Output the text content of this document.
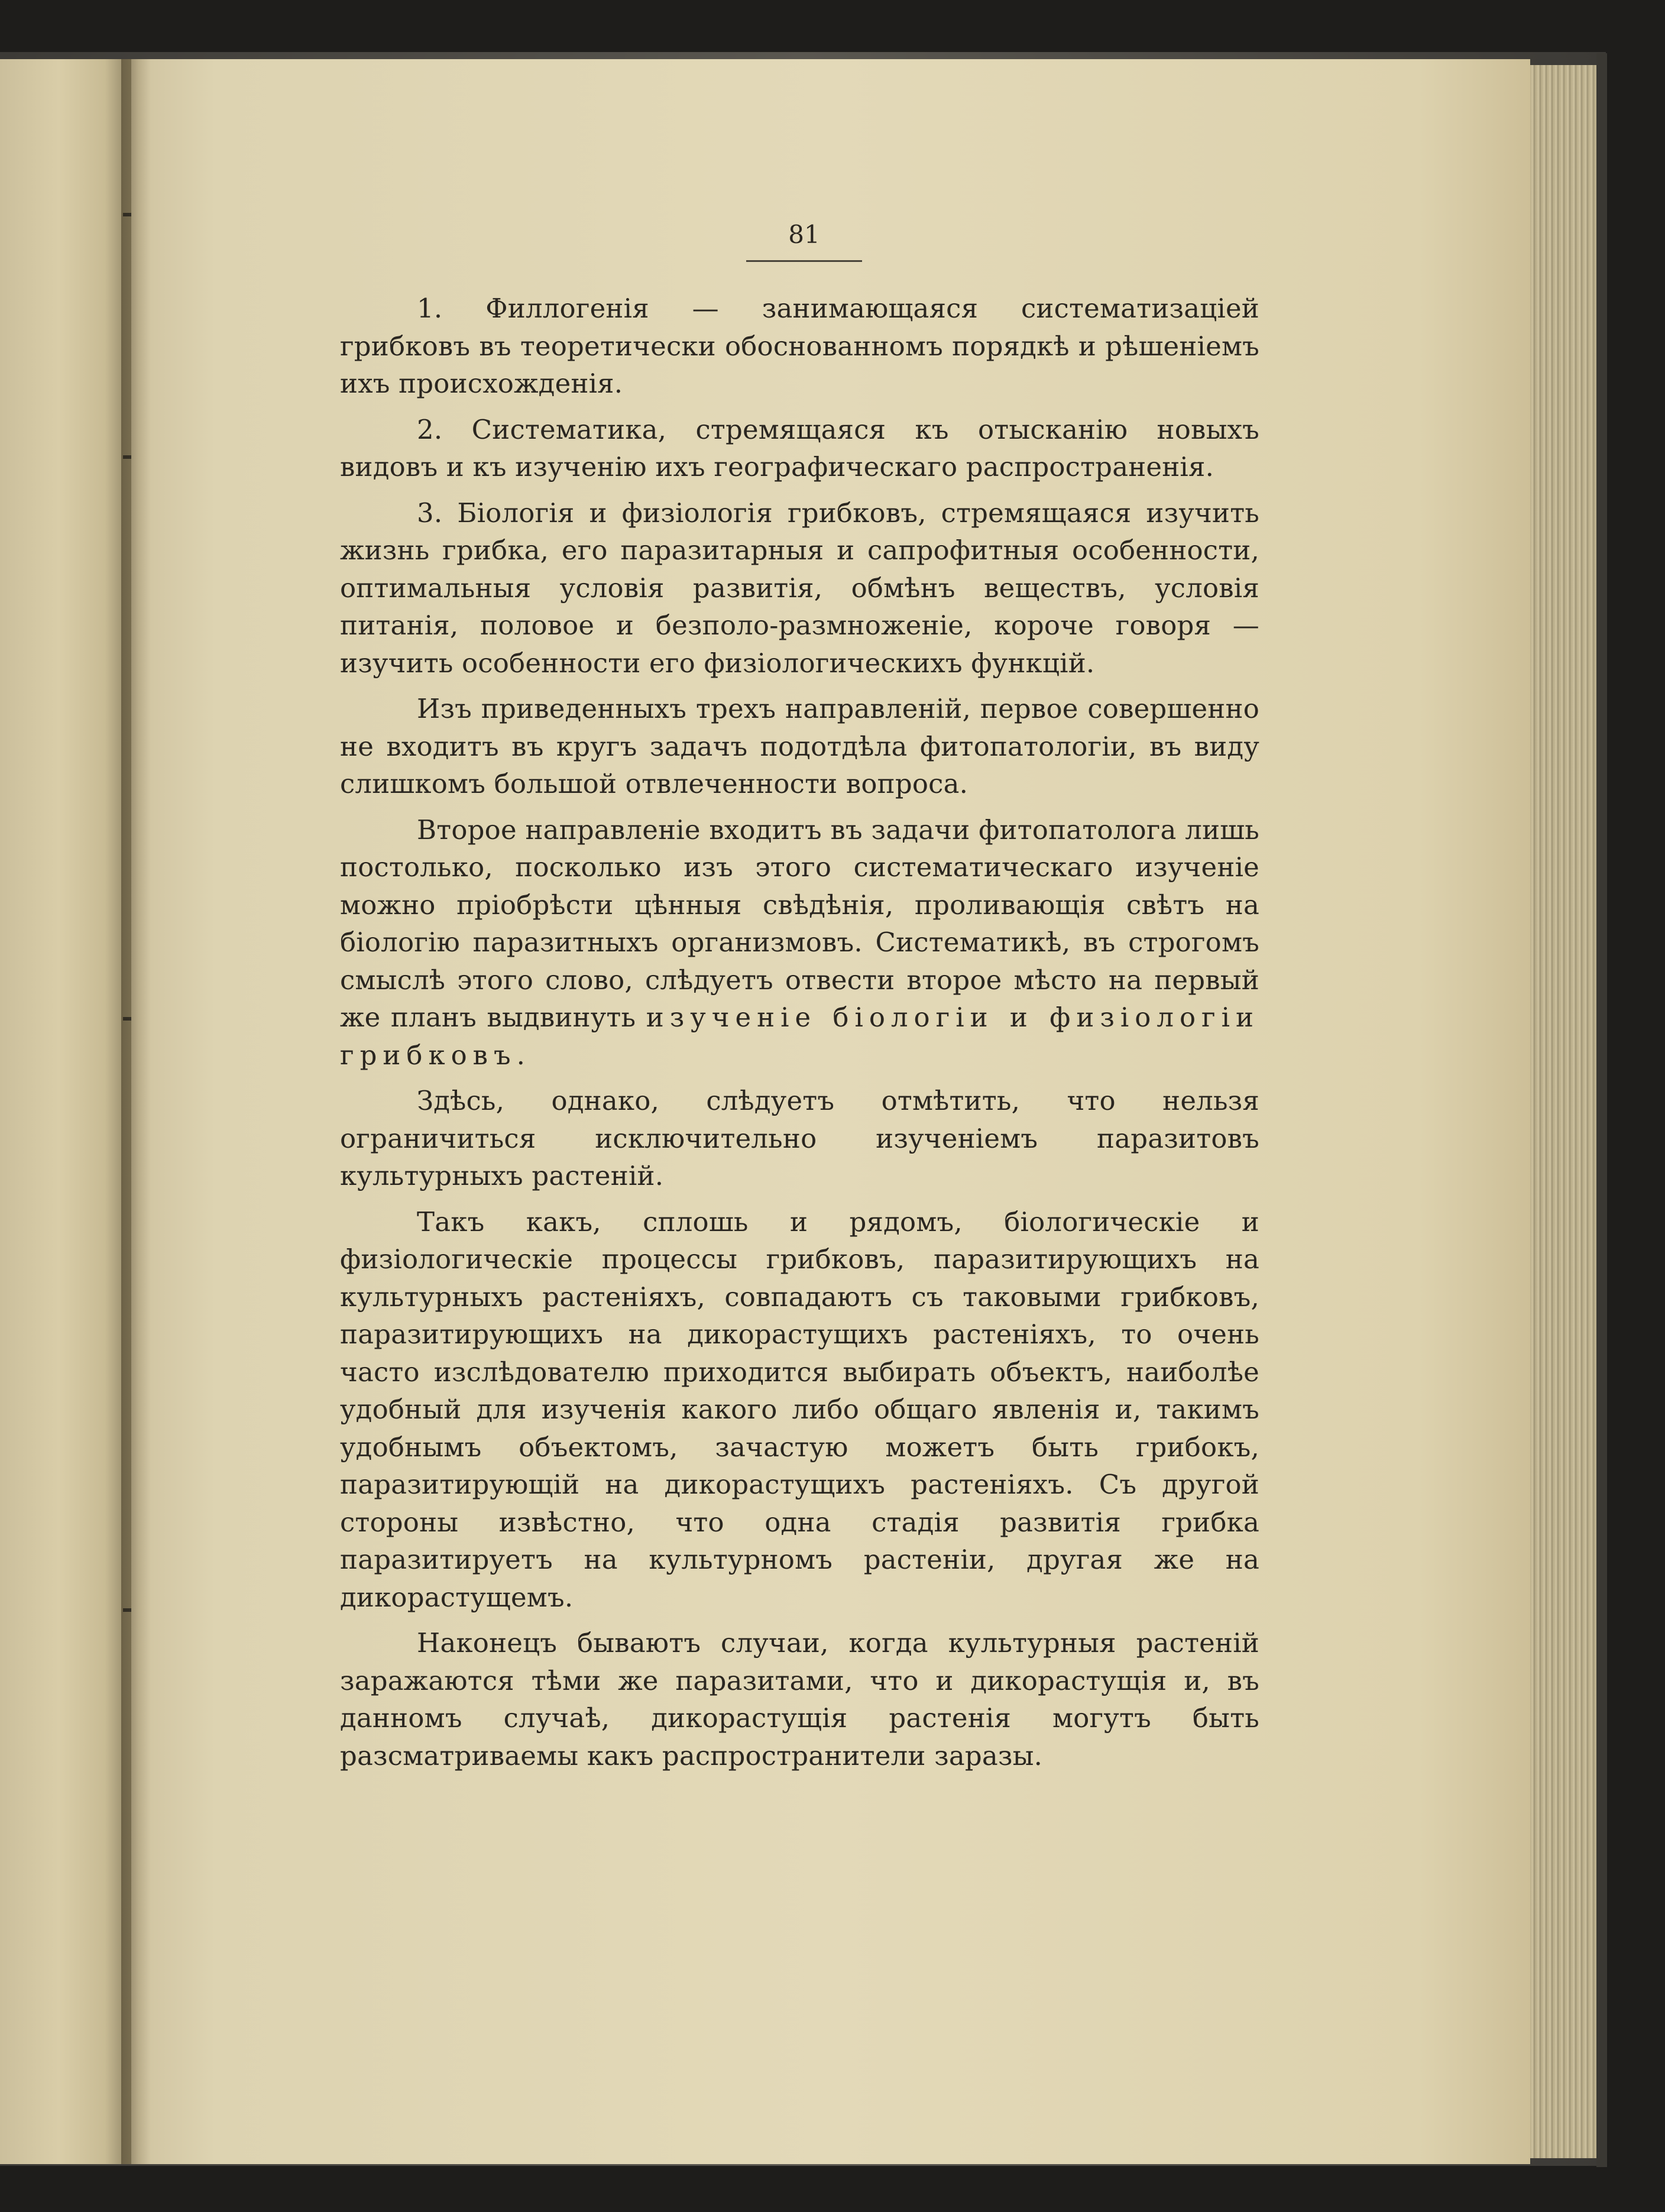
81

1. Филлогенія — занимающаяся систематизаціей грибковъ въ теоретически обоснованномъ порядкѣ и рѣшеніемъ ихъ происхожденія.

2. Систематика, стремящаяся къ отысканію новыхъ видовъ и къ изученію ихъ географическаго распространенія.

3. Біологія и физіологія грибковъ, стремящаяся изучить жизнь грибка, его паразитарныя и сапрофитныя особенности, оптимальныя условія развитія, обмѣнъ веществъ, условія питанія, половое и безполо-размноженіе, короче говоря — изучить особенности его физіологическихъ функцій.

Изъ приведенныхъ трехъ направленій, первое совершенно не входитъ въ кругъ задачъ подотдѣла фитопатологіи, въ виду слишкомъ большой отвлеченности вопроса.

Второе направленіе входитъ въ задачи фитопатолога лишь постолько, посколько изъ этого систематическаго изученіе можно пріобрѣсти цѣнныя свѣдѣнія, проливающія свѣтъ на біологію паразитныхъ организмовъ. Систематикѣ, въ строгомъ смыслѣ этого слово, слѣдуетъ отвести второе мѣсто на первый же планъ выдвинуть изученіе біологіи и физіологіи грибковъ.

Здѣсь, однако, слѣдуетъ отмѣтить, что нельзя ограничиться исключительно изученіемъ паразитовъ культурныхъ растеній.

Такъ какъ, сплошь и рядомъ, біологическіе и физіологическіе процессы грибковъ, паразитирующихъ на культурныхъ растеніяхъ, совпадаютъ съ таковыми грибковъ, паразитирующихъ на дикорастущихъ растеніяхъ, то очень часто изслѣдователю приходится выбирать объектъ, наиболѣе удобный для изученія какого либо общаго явленія и, такимъ удобнымъ объектомъ, зачастую можетъ быть грибокъ, паразитирующій на дикорастущихъ растеніяхъ. Съ другой стороны извѣстно, что одна стадія развитія грибка паразитируетъ на культурномъ растеніи, другая же на дикорастущемъ.

Наконецъ бываютъ случаи, когда культурныя растеній заражаются тѣми же паразитами, что и дикорастущія и, въ данномъ случаѣ, дикорастущія растенія могутъ быть разсматриваемы какъ распространители заразы.
